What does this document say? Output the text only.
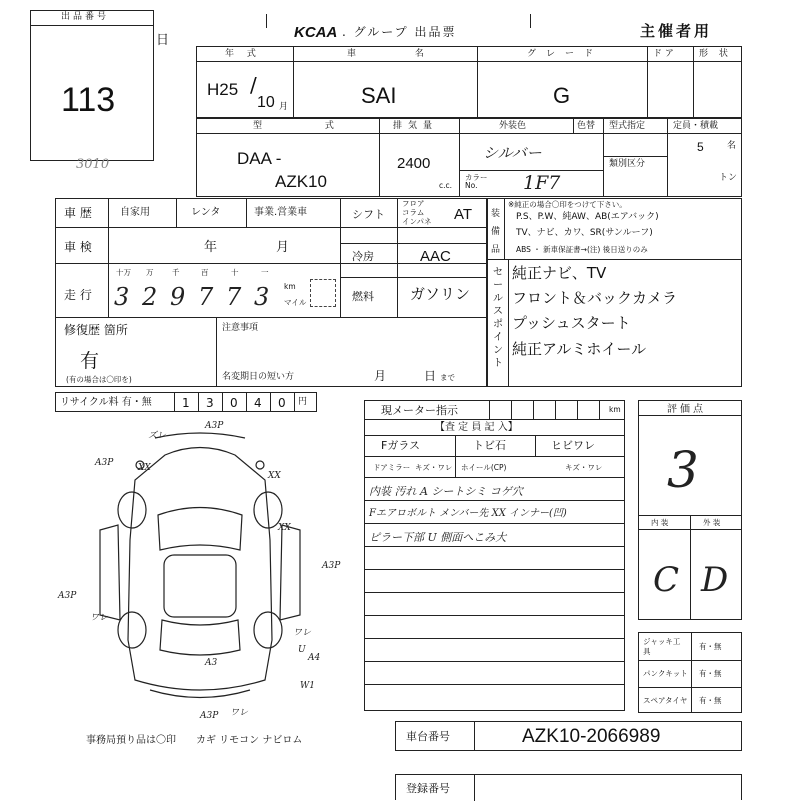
出品番号
113
日
3010
KCAA . グループ 出品票	主催者用
年 式
H25 /
10 月
車 名
SAI
グレード
G
ド ア	形 状
型 式
DAA -
AZK10
排気量
2400
c.c.
外装色	色替
シルバー
カラー No.	1F7
型式指定
類別区分
定員・積載
5	名
トン
車 歴	自家用	レンタ	事業.営業車	シフト
フロア
コラム
インパネ AT
車 検	年	月
冷房	AAC
走 行
十万 万 千	百	十	一
3 2 9 7 7 3 km
マイル	燃料 ガソリン
装備品
※純正の場合〇印をつけて下さい。
P.S、P.W、純AW、AB(エアバック)
TV、ナビ、カワ、SR(サンルーフ)
ABS ・ 新車保証書→(注) 後日送りのみ
セールスポイント
純正ナビ、TV
フロント＆バックカメラ
プッシュスタート
純正アルミホイール
修復歴 箇所
有
(有の場合は〇印を)
注意事項
名変期日の短い方	月	日 まで
リサイクル料 有・無	1 3 0 4 0 円
A3P
XX
XX
XX
A3P
A3P
A3P
A4
A3
A3P
U
W1
ワレ
ワレ
ワレ
ズレ
現メーター指示	km
【査 定 員 記 入】
Fガラス	トビ石	ヒビワレ
ドアミラー キズ・ワレ ホイール(CP)	キズ・ワレ
内装 汚れ A シートシミ コゲ穴
Fエアロボルト メンバー先 XX インナー(凹)
ピラー下部 U 側面へこみ大
評価点
3
内 装	外 装
C D
ジャッキ工具
有・無
パンクキット 有・無
スペアタイヤ 有・無
事務局預り品は〇印 カギ リモコン ナビロム	車台番号	AZK10-2066989
登録番号
